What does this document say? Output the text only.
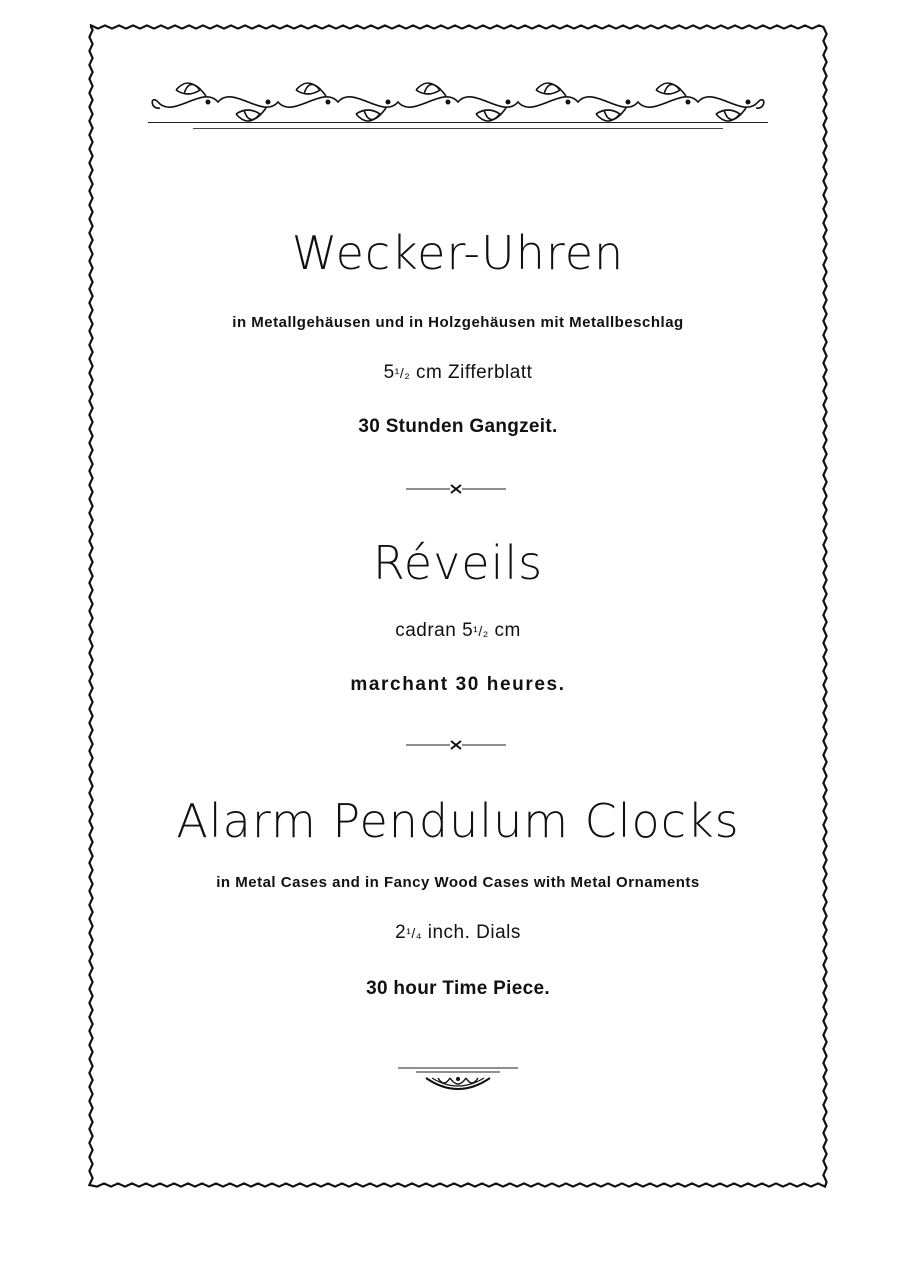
Wecker-Uhren
in Metallgehäusen und in Holzgehäusen mit Metallbeschlag
5¹/₂ cm Zifferblatt
30 Stunden Gangzeit.
Réveils
cadran 5¹/₂ cm
marchant 30 heures.
Alarm Pendulum Clocks
in Metal Cases and in Fancy Wood Cases with Metal Ornaments
2¹/₄ inch. Dials
30 hour Time Piece.
